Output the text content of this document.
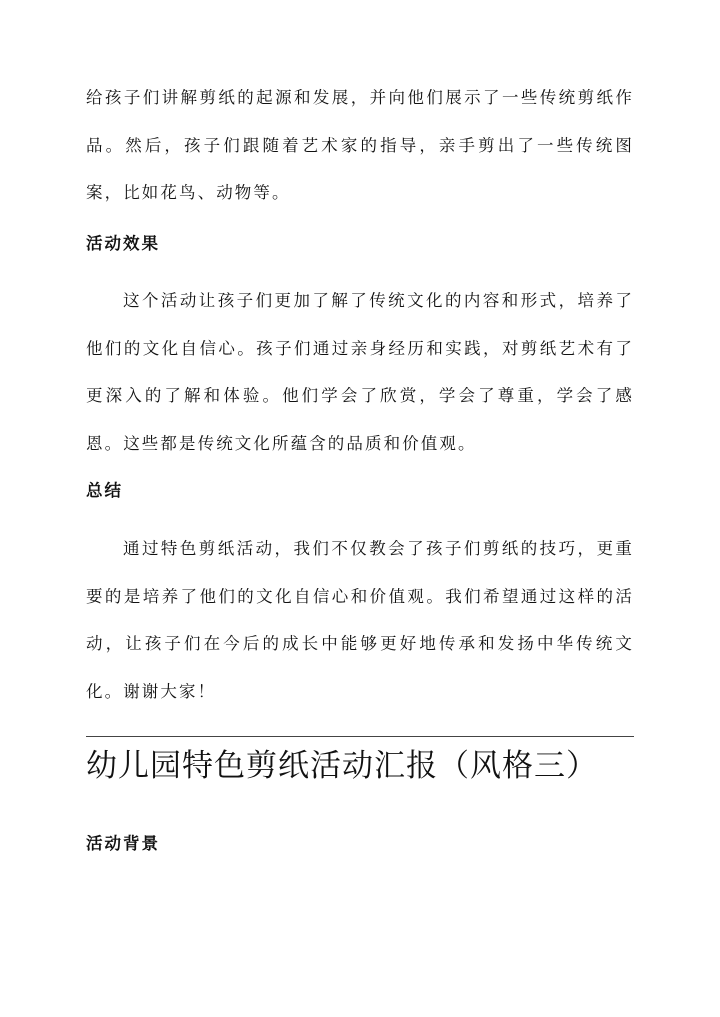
给孩子们讲解剪纸的起源和发展，并向他们展示了一些传统剪纸作品。然后，孩子们跟随着艺术家的指导，亲手剪出了一些传统图案，比如花鸟、动物等。

活动效果

这个活动让孩子们更加了解了传统文化的内容和形式，培养了他们的文化自信心。孩子们通过亲身经历和实践，对剪纸艺术有了更深入的了解和体验。他们学会了欣赏，学会了尊重，学会了感恩。这些都是传统文化所蕴含的品质和价值观。

总结

通过特色剪纸活动，我们不仅教会了孩子们剪纸的技巧，更重要的是培养了他们的文化自信心和价值观。我们希望通过这样的活动，让孩子们在今后的成长中能够更好地传承和发扬中华传统文化。谢谢大家！

幼儿园特色剪纸活动汇报（风格三）
活动背景
